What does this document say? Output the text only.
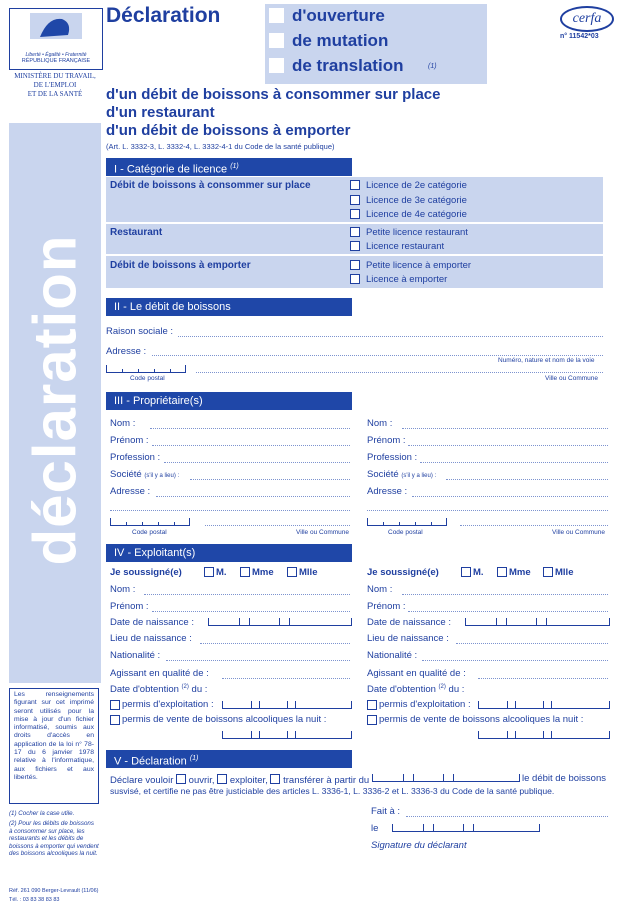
Liberté • Égalité • Fraternité
RÉPUBLIQUE FRANÇAISE
MINISTÈRE DU TRAVAIL,
DE L'EMPLOI
ET DE LA SANTÉ
déclaration
Les renseignements figurant sur cet imprimé seront utilisés pour la mise à jour d'un fichier informatisé, soumis aux droits d'accès en application de la loi n° 78-17 du 6 janvier 1978 relative à l'informatique, aux fichiers et aux libertés.
(1) Cocher la case utile.
(2) Pour les débits de boissons à consommer sur place, les restaurants et les débits de boissons à emporter qui vendent des boissons alcooliques la nuit.
Réf. 261 090 Berger-Levrault (11/06)
Tél. : 03 83 38 83 83
Déclaration	d'ouverture
de mutation
de translation	(1)
cerfa
n° 11542*03
d'un débit de boissons à consommer sur place
d'un restaurant
d'un débit de boissons à emporter
(Art. L. 3332-3, L. 3332-4, L. 3332-4-1 du Code de la santé publique)
I - Catégorie de licence $^{(1)}$
Débit de boissons à consommer sur place	Licence de 2e catégorie
Licence de 3e catégorie
Licence de 4e catégorie
Restaurant	Petite licence restaurant
Licence restaurant
Débit de boissons à emporter	Petite licence à emporter
Licence à emporter
II - Le débit de boissons
Raison sociale :
Adresse :
Numéro, nature et nom de la voie
Code postal	Ville ou Commune
III - Propriétaire(s)
Nom :
Prénom :
Profession :
Société (s'il y a lieu) :
Adresse :
Code postal	Ville ou Commune
Nom :
Prénom :
Profession :
Société (s'il y a lieu) :
Adresse :
Code postal	Ville ou Commune
IV - Exploitant(s)
Je soussigné(e)	M.	Mme	Mlle
Nom :
Prénom :
Date de naissance :
Lieu de naissance :
Nationalité :
Agissant en qualité de :
Date d'obtention $^{(2)}$ du :
permis d'exploitation :
permis de vente de boissons alcooliques la nuit :
Je soussigné(e)	M.	Mme	Mlle
Nom :
Prénom :
Date de naissance :
Lieu de naissance :
Nationalité :
Agissant en qualité de :
Date d'obtention $^{(2)}$ du :
permis d'exploitation :
permis de vente de boissons alcooliques la nuit :
V - Déclaration $^{(1)}$
Déclare vouloir ouvrir, exploiter, transférer à partir du	le débit de boissons
susvisé, et certifie ne pas être justiciable des articles L. 3336-1, L. 3336-2 et L. 3336-3 du Code de la santé publique.
Fait à :
le
Signature du déclarant
